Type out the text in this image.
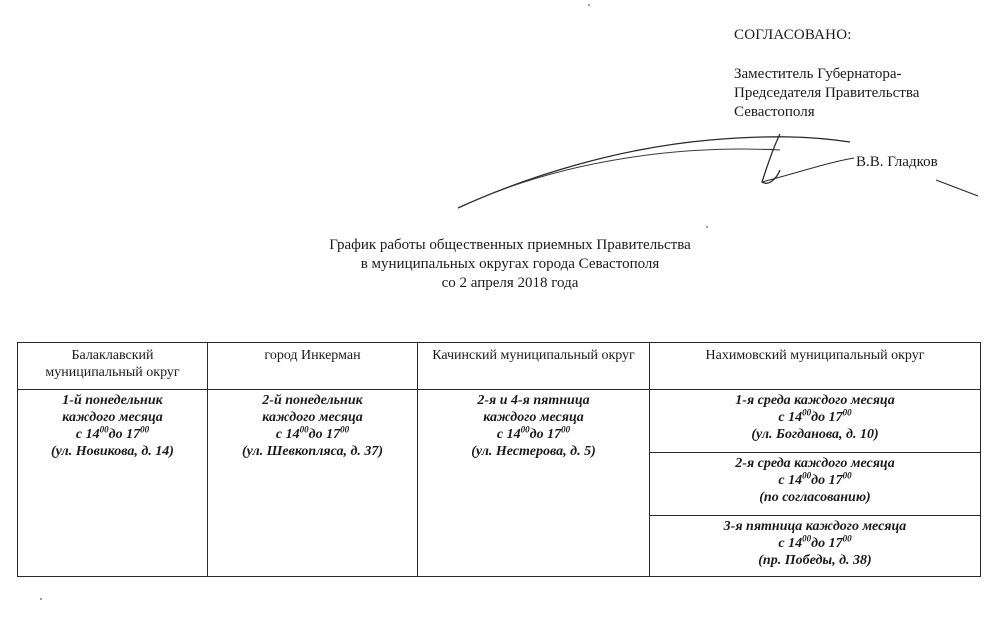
СОГЛАСОВАНО:
Заместитель Губернатора-
Председателя Правительства
Севастополя
В.В. Гладков
График работы общественных приемных Правительства
в муниципальных округах города Севастополя
со 2 апреля 2018 года
Балаклавский муниципальный округ	город Инкерман	Качинский муниципальный округ	Нахимовский муниципальный округ

1-й понедельник
каждого месяца
с $14^{00}до$ $17^{00}$
(ул. Новикова, д. 14)	2-й понедельник
каждого месяца
с $14^{00}до$ $17^{00}$
(ул. Шевкопляса, д. 37)	2-я и 4-я пятница
каждого месяца
с $14^{00}до$ $17^{00}$
(ул. Нестерова, д. 5)	1-я среда каждого месяца
с $14^{00}до$ $17^{00}$
(ул. Богданова, д. 10)

			2-я среда каждого месяца
с $14^{00}до$ $17^{00}$
(по согласованию)

			3-я пятница каждого месяца
с $14^{00}до$ $17^{00}$
(пр. Победы, д. 38)
